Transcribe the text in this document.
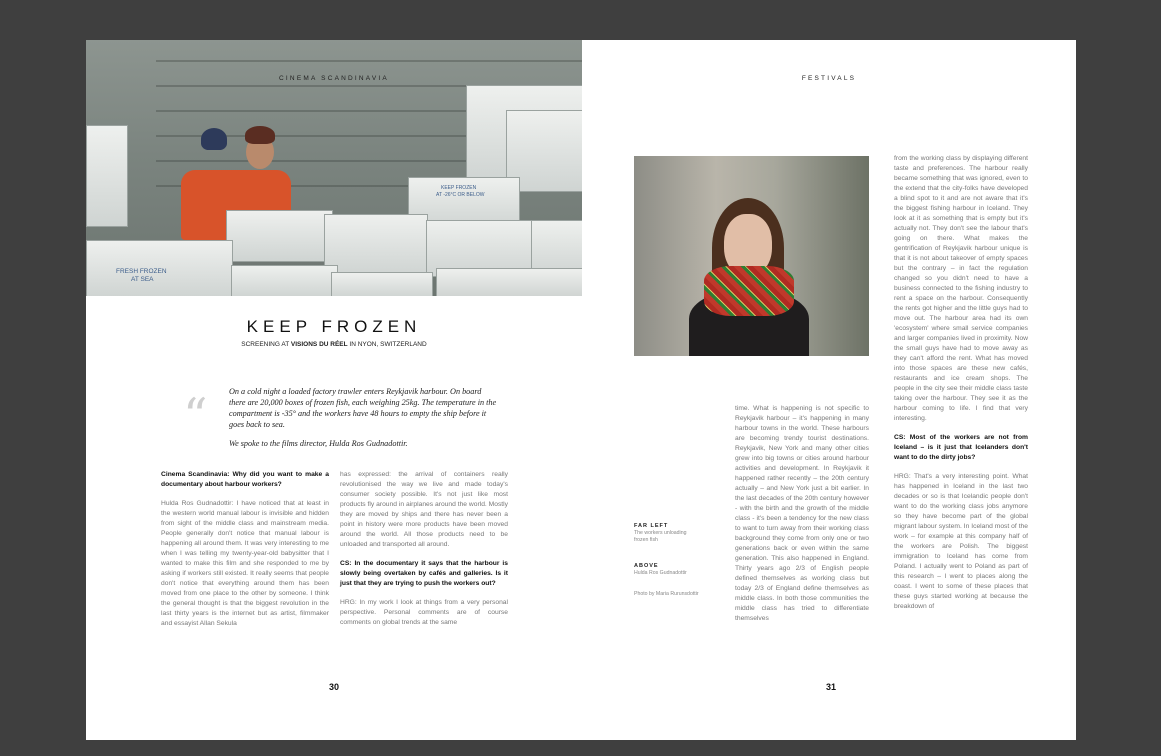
KEEP FROZEN
AT -26°C OR BELOW
FRESH FROZEN
AT SEA
CINEMA SCANDINAVIA
KEEP FROZEN
SCREENING AT VISIONS DU RÉEL IN NYON, SWITZERLAND
“	On a cold night a loaded factory trawler enters Reykjavik harbour. On board there are 20,000 boxes of frozen fish, each weighing 25kg. The temperature in the compartment is -35° and the workers have 48 hours to empty the ship before it goes back to sea.

We spoke to the films director, Hulda Ros Gudnadottir.

Cinema Scandinavia: Why did you want to make a documentary about harbour workers?

Hulda Ros Gudnadottir: I have noticed that at least in the western world manual labour is invisible and hidden from sight of the middle class and mainstream media. People generally don't notice that manual labour is happening all around them. It was very interesting to me when I was telling my twenty-year-old babysitter that I wanted to make this film and she responded to me by asking if workers still existed. It really seems that people don't notice that everything around them has been moved from one place to the other by someone. I think the general thought is that the biggest revolution in the last thirty years is the internet but as artist, filmmaker and essayist Allan Sekula

has expressed: the arrival of containers really revolutionised the way we live and made today's consumer society possible. It's not just like most products fly around in airplanes around the world. Mostly they are moved by ships and there has never been a point in history were more products have been moved around the world. All those products need to be unloaded and transported all around.

CS: In the documentary it says that the harbour is slowly being overtaken by cafés and galleries. Is it just that they are trying to push the workers out?

HRG: In my work I look at things from a very personal perspective. Personal comments are of course comments on global trends at the same

30
FESTIVALS
FAR LEFT
The workers unloading frozen fish
ABOVE
Hulda Ros Gudnadottir
Photo by Maria Rurunsdottir

time. What is happening is not specific to Reykjavik harbour – it's happening in many harbour towns in the world. These harbours are becoming trendy tourist destinations. Reykjavik, New York and many other cities grew into big towns or cities around harbour activities and development. In Reykjavik it happened rather recently – the 20th century actually – and New York just a bit earlier. In the last decades of the 20th century however - with the birth and the growth of the middle class - it's been a tendency for the new class to want to turn away from their working class background they come from only one or two generations back or even within the same generation. This also happened in England. Thirty years ago 2/3 of English people defined themselves as working class but today 2/3 of England define themselves as middle class. In both those communities the middle class has tried to differentiate themselves

from the working class by displaying different taste and preferences. The harbour really became something that was ignored, even to the extend that the city-folks have developed a blind spot to it and are not aware that it's the biggest fishing harbour in Iceland. They look at it as something that is empty but it's actually not. They don't see the labour that's going on there. What makes the gentrification of Reykjavik harbour unique is that it is not about takeover of empty spaces but the contrary – in fact the regulation changed so you didn't need to have a business connected to the fishing industry to rent a space on the harbour. Consequently the rents got higher and the little guys had to move out. The harbour area had its own 'ecosystem' where small service companies and larger companies lived in proximity. Now the small guys have had to move away as they can't afford the rent. What has moved into those spaces are these new cafés, restaurants and ice cream shops. The people in the city see their middle class taste taking over the harbour. They see it as the harbour coming to life. I find that very interesting.

CS: Most of the workers are not from Iceland – is it just that Icelanders don't want to do the dirty jobs?

HRG: That's a very interesting point. What has happened in Iceland in the last two decades or so is that Icelandic people don't want to do the working class jobs anymore so they have become part of the global migrant labour system. In Iceland most of the work – for example at this company half of the workers are Polish. The biggest immigration to Iceland has come from Poland. I actually went to Poland as part of this research – I went to places along the coast. I went to some of these places that these guys started working at because the breakdown of

31
